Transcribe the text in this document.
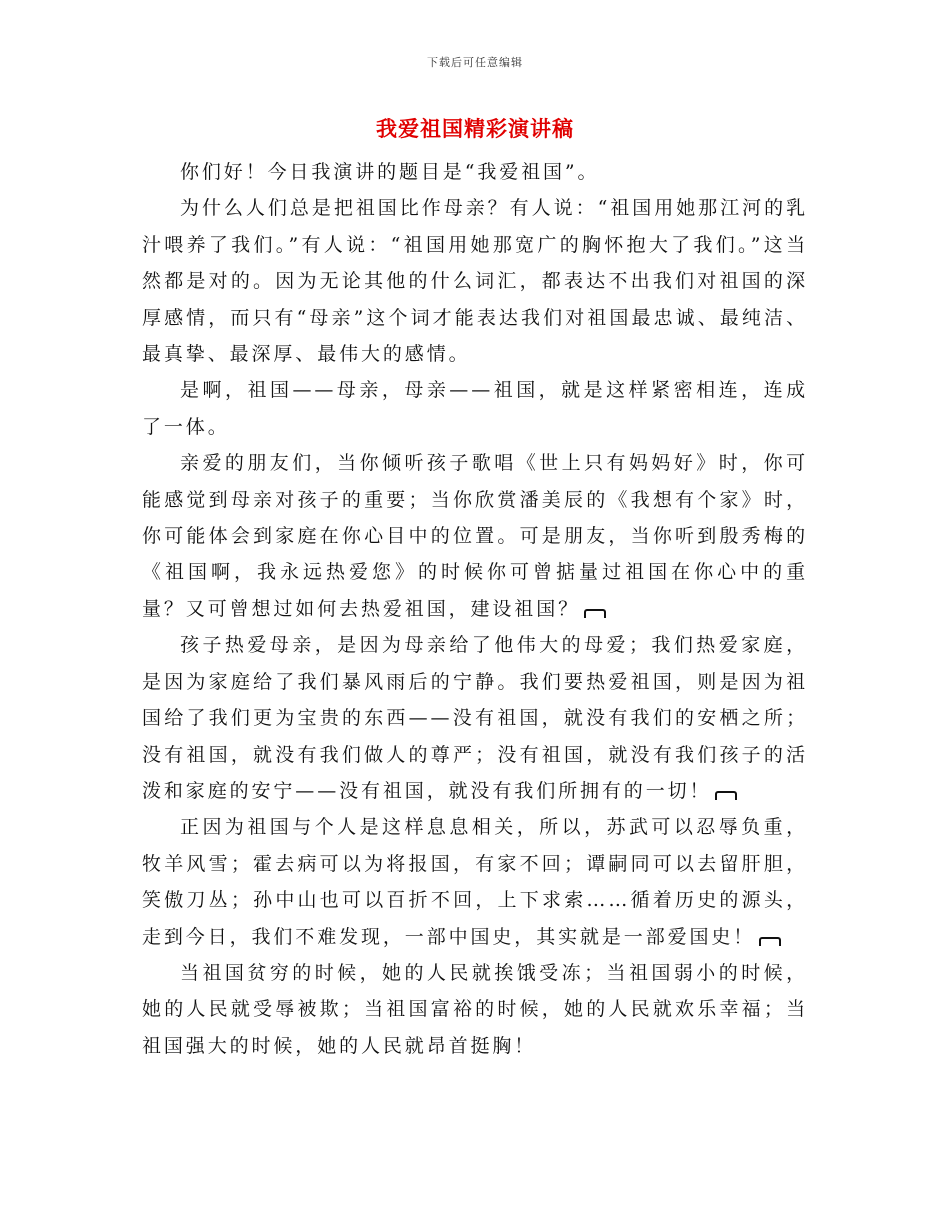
下载后可任意编辑
我爱祖国精彩演讲稿

你们好！今日我演讲的题目是“我爱祖国”。

为什么人们总是把祖国比作母亲？有人说：“祖国用她那江河的乳汁喂养了我们。”有人说：“祖国用她那宽广的胸怀抱大了我们。”这当然都是对的。因为无论其他的什么词汇，都表达不出我们对祖国的深厚感情，而只有“母亲”这个词才能表达我们对祖国最忠诚、最纯洁、最真挚、最深厚、最伟大的感情。

是啊，祖国——母亲，母亲——祖国，就是这样紧密相连，连成了一体。

亲爱的朋友们，当你倾听孩子歌唱《世上只有妈妈好》时，你可能感觉到母亲对孩子的重要；当你欣赏潘美辰的《我想有个家》时，你可能体会到家庭在你心目中的位置。可是朋友，当你听到殷秀梅的《祖国啊，我永远热爱您》的时候你可曾掂量过祖国在你心中的重量？又可曾想过如何去热爱祖国，建设祖国？

孩子热爱母亲，是因为母亲给了他伟大的母爱；我们热爱家庭，是因为家庭给了我们暴风雨后的宁静。我们要热爱祖国，则是因为祖国给了我们更为宝贵的东西——没有祖国，就没有我们的安栖之所；没有祖国，就没有我们做人的尊严；没有祖国，就没有我们孩子的活泼和家庭的安宁——没有祖国，就没有我们所拥有的一切！

正因为祖国与个人是这样息息相关，所以，苏武可以忍辱负重，牧羊风雪；霍去病可以为将报国，有家不回；谭嗣同可以去留肝胆，笑傲刀丛；孙中山也可以百折不回，上下求索……循着历史的源头，走到今日，我们不难发现，一部中国史，其实就是一部爱国史！

当祖国贫穷的时候，她的人民就挨饿受冻；当祖国弱小的时候，她的人民就受辱被欺；当祖国富裕的时候，她的人民就欢乐幸福；当祖国强大的时候，她的人民就昂首挺胸！
